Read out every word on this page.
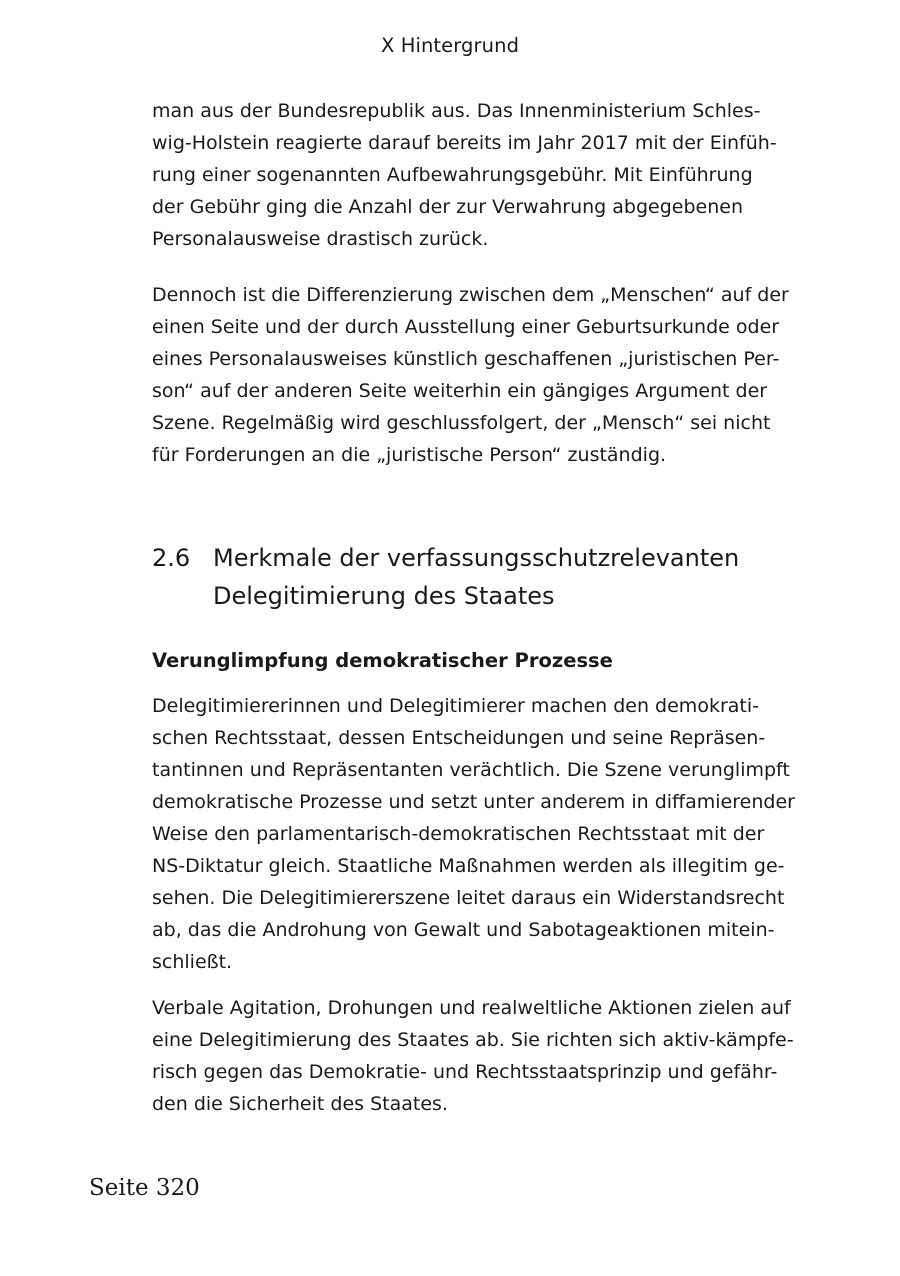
X Hintergrund

man aus der Bundesrepublik aus. Das Innenministerium Schles-
wig-Holstein reagierte darauf bereits im Jahr 2017 mit der Einfüh-
rung einer sogenannten Aufbewahrungsgebühr. Mit Einführung
der Gebühr ging die Anzahl der zur Verwahrung abgegebenen
Personalausweise drastisch zurück.

Dennoch ist die Differenzierung zwischen dem „Menschen“ auf der
einen Seite und der durch Ausstellung einer Geburtsurkunde oder
eines Personalausweises künstlich geschaffenen „juristischen Per-
son“ auf der anderen Seite weiterhin ein gängiges Argument der
Szene. Regelmäßig wird geschlussfolgert, der „Mensch“ sei nicht
für Forderungen an die „juristische Person“ zuständig.

2.6 Merkmale der verfassungsschutzrelevanten
Delegitimierung des Staates
Verunglimpfung demokratischer Prozesse

Delegitimiererinnen und Delegitimierer machen den demokrati-
schen Rechtsstaat, dessen Entscheidungen und seine Repräsen-
tantinnen und Repräsentanten verächtlich. Die Szene verunglimpft
demokratische Prozesse und setzt unter anderem in diffamierender
Weise den parlamentarisch-demokratischen Rechtsstaat mit der
NS-Diktatur gleich. Staatliche Maßnahmen werden als illegitim ge-
sehen. Die Delegitimiererszene leitet daraus ein Widerstandsrecht
ab, das die Androhung von Gewalt und Sabotageaktionen mitein-
schließt.

Verbale Agitation, Drohungen und realweltliche Aktionen zielen auf
eine Delegitimierung des Staates ab. Sie richten sich aktiv-kämpfe-
risch gegen das Demokratie- und Rechtsstaatsprinzip und gefähr-
den die Sicherheit des Staates.

Seite 320
